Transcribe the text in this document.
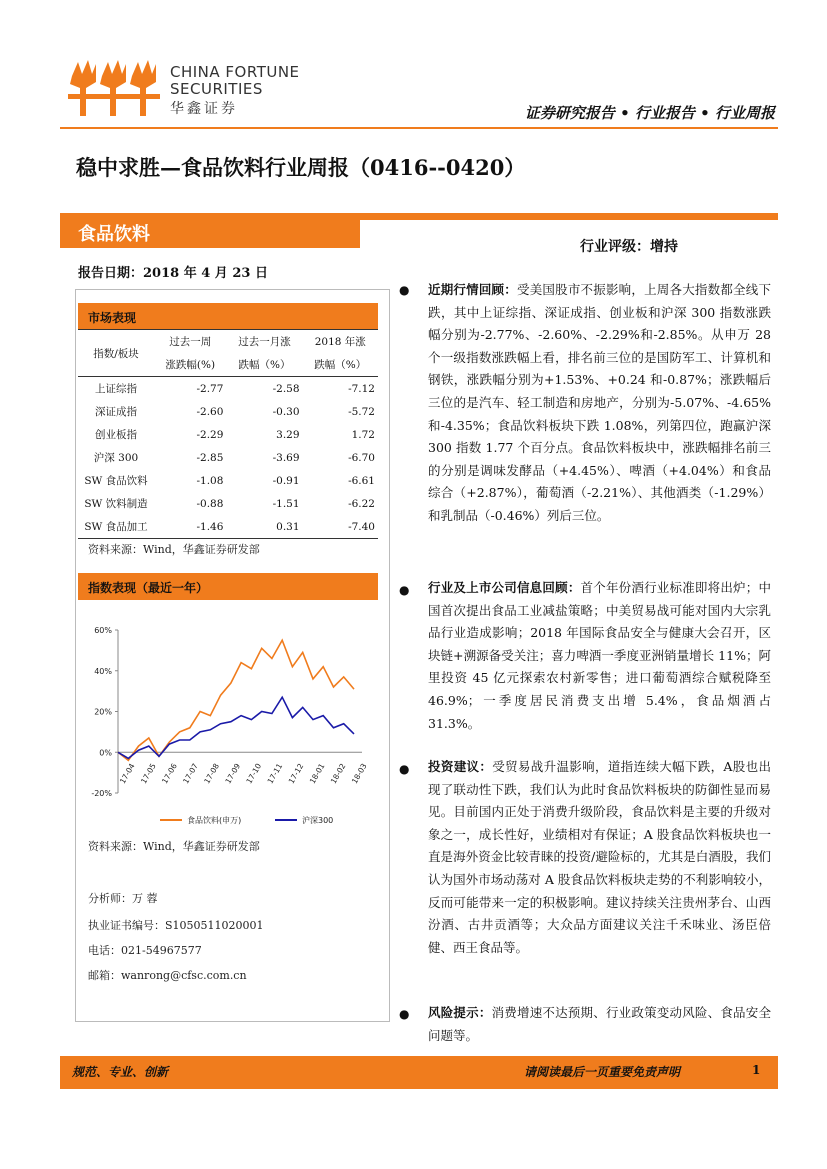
CHINA FORTUNE
SECURITIES
华鑫证券	证券研究报告 • 行业报告 • 行业周报
稳中求胜—食品饮料行业周报（0416--0420）
食品饮料
行业评级：增持
报告日期：2018 年 4 月 23 日
市场表现
指数/板块	过去一周	过去一月涨	2018 年涨
	涨跌幅(%)	跌幅（%）	跌幅（%）
上证综指	-2.77	-2.58	-7.12
深证成指	-2.60	-0.30	-5.72
创业板指	-2.29	3.29	1.72
沪深 300	-2.85	-3.69	-6.70
SW 食品饮料	-1.08	-0.91	-6.61
SW 饮料制造	-0.88	-1.51	-6.22
SW 食品加工	-1.46	0.31	-7.40
资料来源：Wind，华鑫证券研发部
指数表现（最近一年）
-20%
0%
20%
40%
60%
17-04 17-05 17-06 17-07 17-08 17-09 17-10 17-11 17-12 18-01 18-02 18-03
食品饮料(申万)	沪深300
资料来源：Wind，华鑫证券研发部
分析师：万 蓉
执业证书编号：S1050511020001
电话：021-54967577
邮箱：wanrong@cfsc.com.cn
● 近期行情回顾：受美国股市不振影响，上周各大指数都全线下跌，其中上证综指、深证成指、创业板和沪深 300 指数涨跌幅分别为-2.77%、-2.60%、-2.29%和-2.85%。从申万 28 个一级指数涨跌幅上看，排名前三位的是国防军工、计算机和钢铁，涨跌幅分别为+1.53%、+0.24 和-0.87%；涨跌幅后三位的是汽车、轻工制造和房地产，分别为-5.07%、-4.65%和-4.35%；食品饮料板块下跌 1.08%，列第四位，跑赢沪深 300 指数 1.77 个百分点。食品饮料板块中，涨跌幅排名前三的分别是调味发酵品（+4.45%）、啤酒（+4.04%）和食品综合（+2.87%），葡萄酒（-2.21%）、其他酒类（-1.29%）和乳制品（-0.46%）列后三位。
● 行业及上市公司信息回顾：首个年份酒行业标准即将出炉；中国首次提出食品工业减盐策略；中美贸易战可能对国内大宗乳品行业造成影响；2018 年国际食品安全与健康大会召开，区块链+溯源备受关注；喜力啤酒一季度亚洲销量增长 11%；阿里投资 45 亿元探索农村新零售；进口葡萄酒综合赋税降至 46.9%；一季度居民消费支出增 5.4%，食品烟酒占 31.3%。
● 投资建议：受贸易战升温影响，道指连续大幅下跌，A股也出现了联动性下跌，我们认为此时食品饮料板块的防御性显而易见。目前国内正处于消费升级阶段，食品饮料是主要的升级对象之一，成长性好，业绩相对有保证；A 股食品饮料板块也一直是海外资金比较青睐的投资/避险标的，尤其是白酒股，我们认为国外市场动荡对 A 股食品饮料板块走势的不利影响较小，反而可能带来一定的积极影响。建议持续关注贵州茅台、山西汾酒、古井贡酒等；大众品方面建议关注千禾味业、汤臣倍健、西王食品等。
● 风险提示：消费增速不达预期、行业政策变动风险、食品安全问题等。
规范、专业、创新	请阅读最后一页重要免责声明	1
